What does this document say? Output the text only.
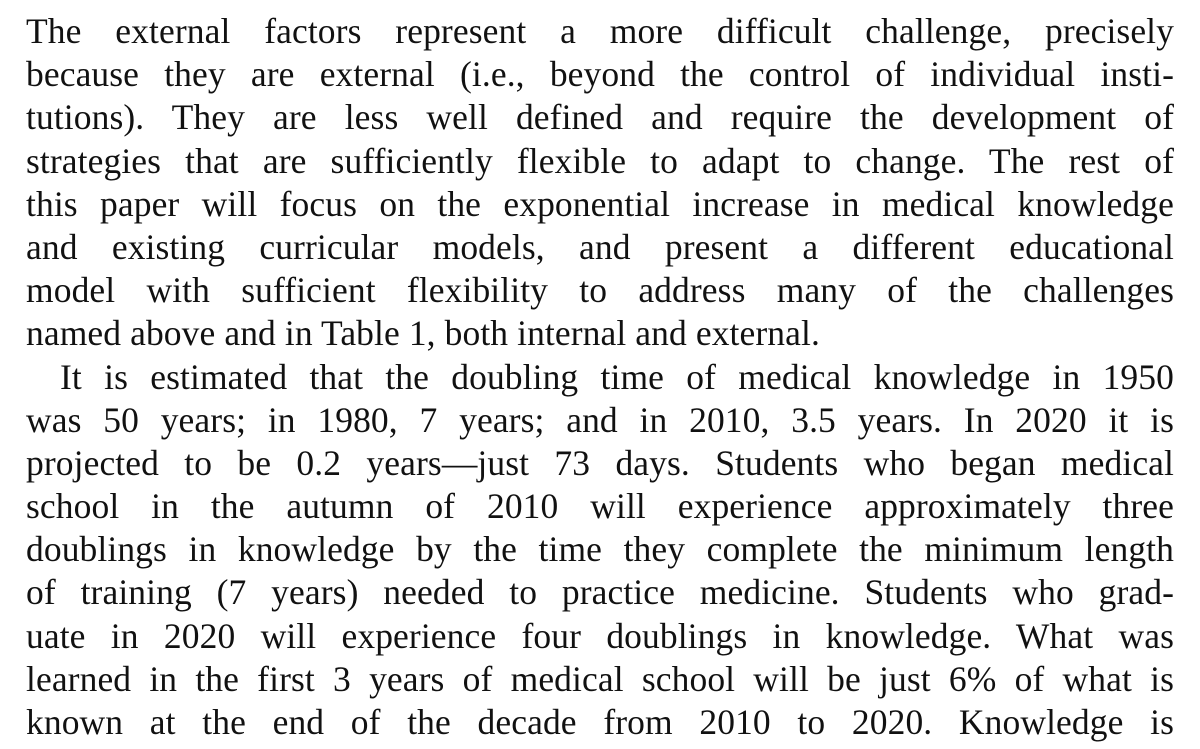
The external factors represent a more difficult challenge, precisely
because they are external (i.e., beyond the control of individual insti-
tutions). They are less well defined and require the development of
strategies that are sufficiently flexible to adapt to change. The rest of
this paper will focus on the exponential increase in medical knowledge
and existing curricular models, and present a different educational
model with sufficient flexibility to address many of the challenges
named above and in Table 1, both internal and external.
It is estimated that the doubling time of medical knowledge in 1950
was 50 years; in 1980, 7 years; and in 2010, 3.5 years. In 2020 it is
projected to be 0.2 years—just 73 days. Students who began medical
school in the autumn of 2010 will experience approximately three
doublings in knowledge by the time they complete the minimum length
of training (7 years) needed to practice medicine. Students who grad-
uate in 2020 will experience four doublings in knowledge. What was
learned in the first 3 years of medical school will be just 6% of what is
known at the end of the decade from 2010 to 2020. Knowledge is
